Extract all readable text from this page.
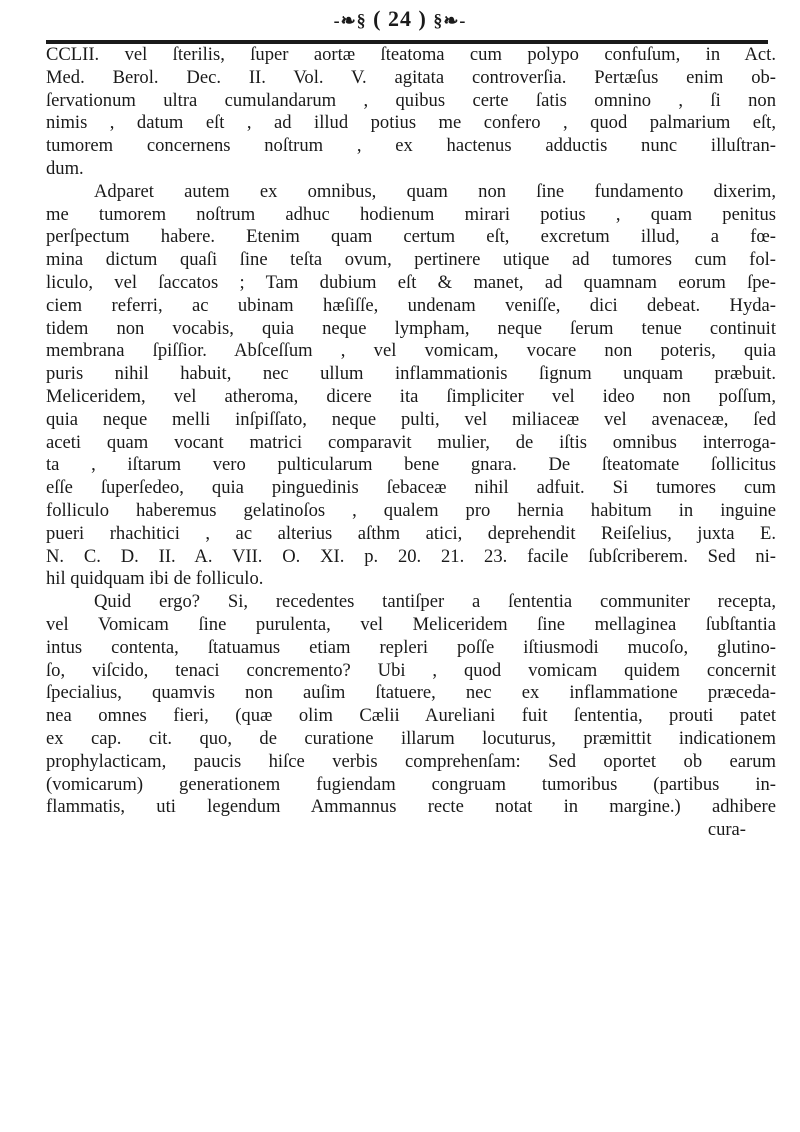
-❧§ ( 24 ) §❧-
CCLII. vel ſterilis, ſuper aortæ ſteatoma cum polypo confuſum, in Act.
Med. Berol. Dec. II. Vol. V. agitata controverſia. Pertæſus enim ob-
ſervationum ultra cumulandarum , quibus certe ſatis omnino , ſi non
nimis , datum eſt , ad illud potius me confero , quod palmarium eſt,
tumorem concernens noſtrum , ex hactenus adductis nunc illuſtran-
dum.
Adparet autem ex omnibus, quam non ſine fundamento dixerim,
me tumorem noſtrum adhuc hodienum mirari potius , quam penitus
perſpectum habere. Etenim quam certum eſt, excretum illud, a fœ-
mina dictum quaſi ſine teſta ovum, pertinere utique ad tumores cum fol-
liculo, vel ſaccatos ; Tam dubium eſt & manet, ad quamnam eorum ſpe-
ciem referri, ac ubinam hæſiſſe, undenam veniſſe, dici debeat. Hyda-
tidem non vocabis, quia neque lympham, neque ſerum tenue continuit
membrana ſpiſſior. Abſceſſum , vel vomicam, vocare non poteris, quia
puris nihil habuit, nec ullum inflammationis ſignum unquam præbuit.
Meliceridem, vel atheroma, dicere ita ſimpliciter vel ideo non poſſum,
quia neque melli inſpiſſato, neque pulti, vel miliaceæ vel avenaceæ, ſed
aceti quam vocant matrici comparavit mulier, de iſtis omnibus interroga-
ta , iſtarum vero pulticularum bene gnara. De ſteatomate ſollicitus
eſſe ſuperſedeo, quia pinguedinis ſebaceæ nihil adfuit. Si tumores cum
folliculo haberemus gelatinoſos , qualem pro hernia habitum in inguine
pueri rhachitici , ac alterius aſthm atici, deprehendit Reiſelius, juxta E.
N. C. D. II. A. VII. O. XI. p. 20. 21. 23. facile ſubſcriberem. Sed ni-
hil quidquam ibi de folliculo.
Quid ergo? Si, recedentes tantiſper a ſententia communiter recepta,
vel Vomicam ſine purulenta, vel Meliceridem ſine mellaginea ſubſtantia
intus contenta, ſtatuamus etiam repleri poſſe iſtiusmodi mucoſo, glutino-
ſo, viſcido, tenaci concremento? Ubi , quod vomicam quidem concernit
ſpecialius, quamvis non auſim ſtatuere, nec ex inflammatione præceda-
nea omnes fieri, (quæ olim Cælii Aureliani fuit ſententia, prouti patet
ex cap. cit. quo, de curatione illarum locuturus, præmittit indicationem
prophylacticam, paucis hiſce verbis comprehenſam: Sed oportet ob earum
(vomicarum) generationem fugiendam congruam tumoribus (partibus in-
flammatis, uti legendum Ammannus recte notat in margine.) adhibere
cura-
